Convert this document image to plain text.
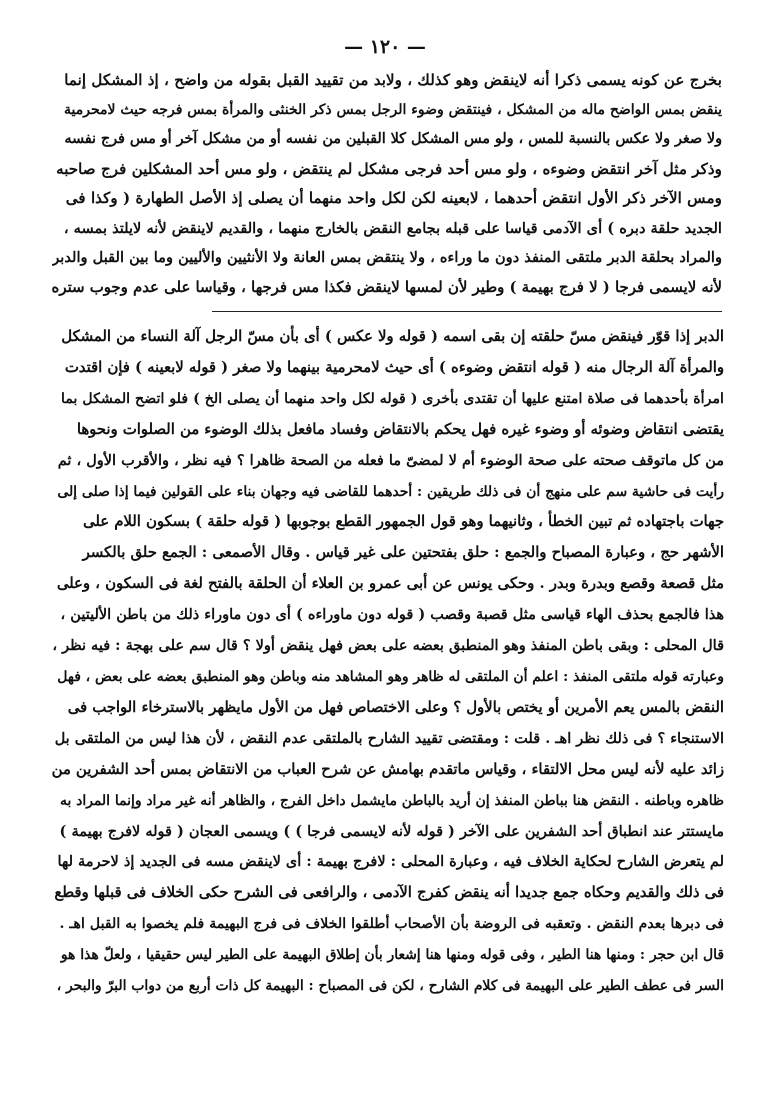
— ١٢٠ —
بخرج عن كونه يسمى ذكرا أنه لاينقض وهو كذلك ، ولابد من تقييد القبل بقوله من واضح ، إذ المشكل إنما
ينقض بمس الواضح ماله من المشكل ، فينتقض وضوء الرجل بمس ذكر الخنثى والمرأة بمس فرجه حيث لامحرمية
ولا صغر ولا عكس بالنسبة للمس ، ولو مس المشكل كلا القبلين من نفسه أو من مشكل آخر أو مس فرج نفسه
وذكر مثل آخر انتقض وضوءه ، ولو مس أحد فرجى مشكل لم ينتقض ، ولو مس أحد المشكلين فرج صاحبه
ومس الآخر ذكر الأول انتقض أحدهما ، لابعينه لكن لكل واحد منهما أن يصلى إذ الأصل الطهارة ( وكذا فى
الجديد حلقة دبره ) أى الآدمى قياسا على قبله بجامع النقض بالخارج منهما ، والقديم لاينقض لأنه لايلتذ بمسه ،
والمراد بحلقة الدبر ملتقى المنفذ دون ما وراءه ، ولا ينتقض بمس العانة ولا الأنثيين والأليين وما بين القبل والدبر
لأنه لايسمى فرجا ( لا فرج بهيمة ) وطير لأن لمسها لاينقض فكذا مس فرجها ، وقياسا على عدم وجوب ستره
الدبر إذا قوّر فينقض مسّ حلقته إن بقى اسمه ( قوله ولا عكس ) أى بأن مسّ الرجل آلة النساء من المشكل
والمرأة آلة الرجال منه ( قوله انتقض وضوءه ) أى حيث لامحرمية بينهما ولا صغر ( قوله لابعينه ) فإن اقتدت
امرأة بأحدهما فى صلاة امتنع عليها أن تقتدى بأخرى ( قوله لكل واحد منهما أن يصلى الخ ) فلو اتضح المشكل بما
يقتضى انتقاض وضوئه أو وضوء غيره فهل يحكم بالانتقاض وفساد مافعل بذلك الوضوء من الصلوات ونحوها
من كل ماتوقف صحته على صحة الوضوء أم لا لمضىّ ما فعله من الصحة ظاهرا ؟ فيه نظر ، والأقرب الأول ، ثم
رأيت فى حاشية سم على منهج أن فى ذلك طريقين : أحدهما للقاضى فيه وجهان بناء على القولين فيما إذا صلى إلى
جهات باجتهاده ثم تبين الخطأ ، وثانيهما وهو قول الجمهور القطع بوجوبها ( قوله حلقة ) بسكون اللام على
الأشهر حج ، وعبارة المصباح والجمع : حلق بفتحتين على غير قياس . وقال الأصمعى : الجمع حلق بالكسر
مثل قصعة وقصع وبدرة وبدر . وحكى يونس عن أبى عمرو بن العلاء أن الحلقة بالفتح لغة فى السكون ، وعلى
هذا فالجمع بحذف الهاء قياسى مثل قصبة وقصب ( قوله دون ماوراءه ) أى دون ماوراء ذلك من باطن الأليتين ،
قال المحلى : وبقى باطن المنفذ وهو المنطبق بعضه على بعض فهل ينقض أولا ؟ قال سم على بهجة : فيه نظر ،
وعبارته قوله ملتقى المنفذ : اعلم أن الملتقى له ظاهر وهو المشاهد منه وباطن وهو المنطبق بعضه على بعض ، فهل
النقض بالمس يعم الأمرين أو يختص بالأول ؟ وعلى الاختصاص فهل من الأول مايظهر بالاسترخاء الواجب فى
الاستنجاء ؟ فى ذلك نظر اهـ . قلت : ومقتضى تقييد الشارح بالملتقى عدم النقض ، لأن هذا ليس من الملتقى بل
زائد عليه لأنه ليس محل الالتقاء ، وقياس ماتقدم بهامش عن شرح العباب من الانتقاض بمس أحد الشفرين من
ظاهره وباطنه . النقض هنا بباطن المنفذ إن أريد بالباطن مايشمل داخل الفرج ، والظاهر أنه غير مراد وإنما المراد به
مايستتر عند انطباق أحد الشفرين على الآخر ( قوله لأنه لايسمى فرجا ) ) ويسمى العجان ( قوله لافرج بهيمة )
لم يتعرض الشارح لحكاية الخلاف فيه ، وعبارة المحلى : لافرج بهيمة : أى لاينقض مسه فى الجديد إذ لاحرمة لها
فى ذلك والقديم وحكاه جمع جديدا أنه ينقض كفرج الآدمى ، والرافعى فى الشرح حكى الخلاف فى قبلها وقطع
فى دبرها بعدم النقض . وتعقبه فى الروضة بأن الأصحاب أطلقوا الخلاف فى فرج البهيمة فلم يخصوا به القبل اهـ .
قال ابن حجر : ومنها هنا الطير ، وفى قوله ومنها هنا إشعار بأن إطلاق البهيمة على الطير ليس حقيقيا ، ولعلّ هذا هو
السر فى عطف الطير على البهيمة فى كلام الشارح ، لكن فى المصباح : البهيمة كل ذات أربع من دواب البرّ والبحر ،
